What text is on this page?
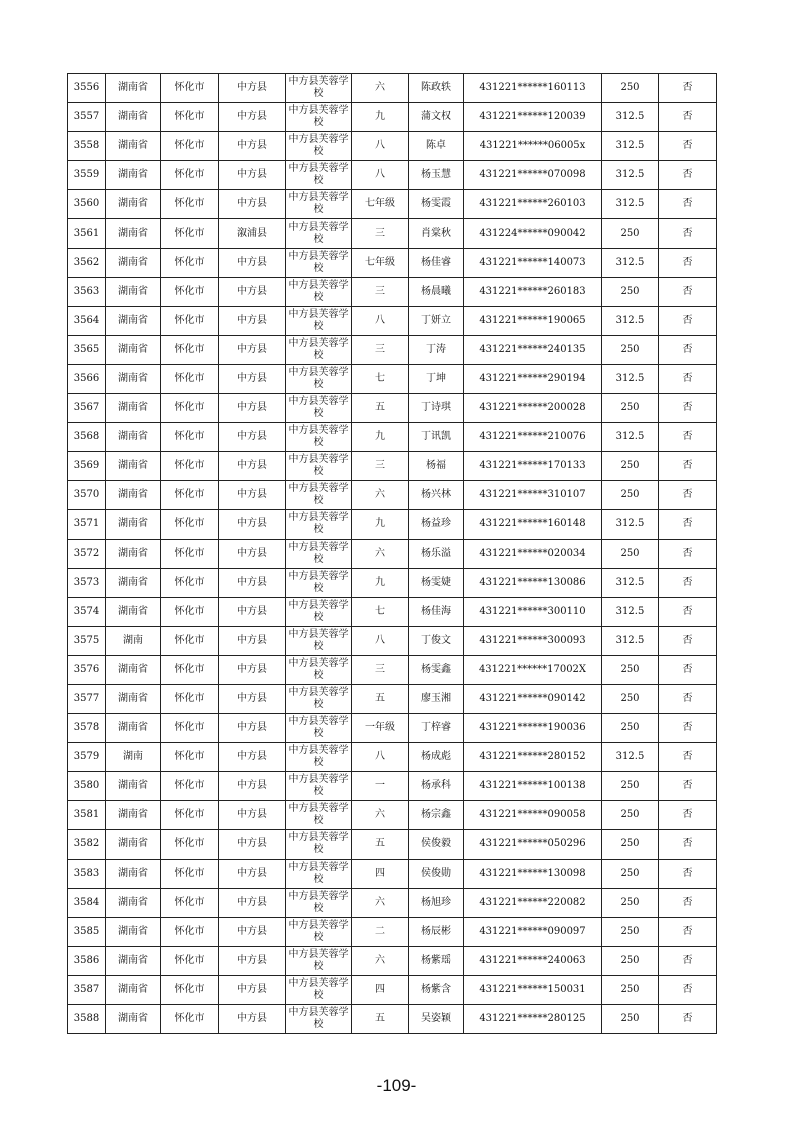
3556	湖南省	怀化市	中方县	中方县芙蓉学校	六	陈政轶	431221******160113	250	否
3557	湖南省	怀化市	中方县	中方县芙蓉学校	九	蒲文权	431221******120039	312.5	否
3558	湖南省	怀化市	中方县	中方县芙蓉学校	八	陈卓	431221******06005x	312.5	否
3559	湖南省	怀化市	中方县	中方县芙蓉学校	八	杨玉慧	431221******070098	312.5	否
3560	湖南省	怀化市	中方县	中方县芙蓉学校	七年级	杨雯霞	431221******260103	312.5	否
3561	湖南省	怀化市	溆浦县	中方县芙蓉学校	三	肖棠秋	431224******090042	250	否
3562	湖南省	怀化市	中方县	中方县芙蓉学校	七年级	杨佳睿	431221******140073	312.5	否
3563	湖南省	怀化市	中方县	中方县芙蓉学校	三	杨晨曦	431221******260183	250	否
3564	湖南省	怀化市	中方县	中方县芙蓉学校	八	丁妍立	431221******190065	312.5	否
3565	湖南省	怀化市	中方县	中方县芙蓉学校	三	丁涛	431221******240135	250	否
3566	湖南省	怀化市	中方县	中方县芙蓉学校	七	丁坤	431221******290194	312.5	否
3567	湖南省	怀化市	中方县	中方县芙蓉学校	五	丁诗琪	431221******200028	250	否
3568	湖南省	怀化市	中方县	中方县芙蓉学校	九	丁讯凯	431221******210076	312.5	否
3569	湖南省	怀化市	中方县	中方县芙蓉学校	三	杨福	431221******170133	250	否
3570	湖南省	怀化市	中方县	中方县芙蓉学校	六	杨兴林	431221******310107	250	否
3571	湖南省	怀化市	中方县	中方县芙蓉学校	九	杨益珍	431221******160148	312.5	否
3572	湖南省	怀化市	中方县	中方县芙蓉学校	六	杨乐溢	431221******020034	250	否
3573	湖南省	怀化市	中方县	中方县芙蓉学校	九	杨雯婕	431221******130086	312.5	否
3574	湖南省	怀化市	中方县	中方县芙蓉学校	七	杨佳海	431221******300110	312.5	否
3575	湖南	怀化市	中方县	中方县芙蓉学校	八	丁俊文	431221******300093	312.5	否
3576	湖南省	怀化市	中方县	中方县芙蓉学校	三	杨雯鑫	431221******17002X	250	否
3577	湖南省	怀化市	中方县	中方县芙蓉学校	五	廖玉湘	431221******090142	250	否
3578	湖南省	怀化市	中方县	中方县芙蓉学校	一年级	丁梓睿	431221******190036	250	否
3579	湖南	怀化市	中方县	中方县芙蓉学校	八	杨成彪	431221******280152	312.5	否
3580	湖南省	怀化市	中方县	中方县芙蓉学校	一	杨承科	431221******100138	250	否
3581	湖南省	怀化市	中方县	中方县芙蓉学校	六	杨宗鑫	431221******090058	250	否
3582	湖南省	怀化市	中方县	中方县芙蓉学校	五	侯俊毅	431221******050296	250	否
3583	湖南省	怀化市	中方县	中方县芙蓉学校	四	侯俊勋	431221******130098	250	否
3584	湖南省	怀化市	中方县	中方县芙蓉学校	六	杨旭珍	431221******220082	250	否
3585	湖南省	怀化市	中方县	中方县芙蓉学校	二	杨辰彬	431221******090097	250	否
3586	湖南省	怀化市	中方县	中方县芙蓉学校	六	杨紫瑶	431221******240063	250	否
3587	湖南省	怀化市	中方县	中方县芙蓉学校	四	杨紫含	431221******150031	250	否
3588	湖南省	怀化市	中方县	中方县芙蓉学校	五	吴姿颖	431221******280125	250	否
-109-
